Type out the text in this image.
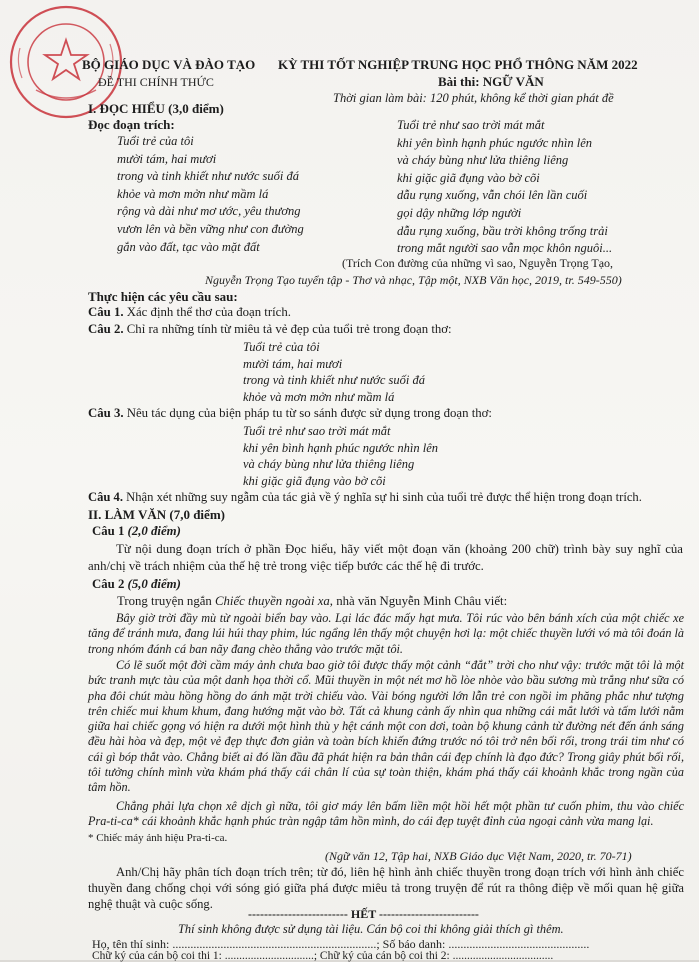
BỘ GIÁO DỤC VÀ ĐÀO TẠO
ĐỀ THI CHÍNH THỨC
KỲ THI TỐT NGHIỆP TRUNG HỌC PHỔ THÔNG NĂM 2022
Bài thi: NGỮ VĂN
Thời gian làm bài: 120 phút, không kể thời gian phát đề
I. ĐỌC HIỂU (3,0 điểm)
Đọc đoạn trích:
Tuổi trẻ của tôi
mười tám, hai mươi
trong và tinh khiết như nước suối đá
khỏe và mơn mởn như mầm lá
rộng và dài như mơ ước, yêu thương
vươn lên và bền vững như con đường
gắn vào đất, tạc vào mặt đất
Tuổi trẻ như sao trời mát mắt
khi yên bình hạnh phúc ngước nhìn lên
và cháy bùng như lửa thiêng liêng
khi giặc giã đụng vào bờ cõi
dẫu rụng xuống, vẫn chói lên lần cuối
gọi dậy những lớp người
dẫu rụng xuống, bầu trời không trống trải
trong mắt người sao vẫn mọc khôn nguôi...
(Trích Con đường của những vì sao, Nguyễn Trọng Tạo,
Nguyễn Trọng Tạo tuyển tập - Thơ và nhạc, Tập một, NXB Văn học, 2019, tr. 549-550)
Thực hiện các yêu cầu sau:
Câu 1. Xác định thể thơ của đoạn trích.
Câu 2. Chỉ ra những tính từ miêu tả vẻ đẹp của tuổi trẻ trong đoạn thơ:
Tuổi trẻ của tôi
mười tám, hai mươi
trong và tinh khiết như nước suối đá
khỏe và mơn mởn như mầm lá
Câu 3. Nêu tác dụng của biện pháp tu từ so sánh được sử dụng trong đoạn thơ:
Tuổi trẻ như sao trời mát mắt
khi yên bình hạnh phúc ngước nhìn lên
và cháy bùng như lửa thiêng liêng
khi giặc giã đụng vào bờ cõi
Câu 4. Nhận xét những suy ngẫm của tác giả về ý nghĩa sự hi sinh của tuổi trẻ được thể hiện trong đoạn trích.
II. LÀM VĂN (7,0 điểm)
Câu 1 (2,0 điểm)
Từ nội dung đoạn trích ở phần Đọc hiểu, hãy viết một đoạn văn (khoảng 200 chữ) trình bày suy nghĩ của anh/chị về trách nhiệm của thế hệ trẻ trong việc tiếp bước các thế hệ đi trước.
Câu 2 (5,0 điểm)
Trong truyện ngắn Chiếc thuyền ngoài xa, nhà văn Nguyễn Minh Châu viết:
Bây giờ trời đầy mù từ ngoài biển bay vào. Lại lác đác mấy hạt mưa. Tôi rúc vào bên bánh xích của một chiếc xe tăng để tránh mưa, đang lúi húi thay phim, lúc ngẩng lên thấy một chuyện hơi lạ: một chiếc thuyền lưới vó mà tôi đoán là trong nhóm đánh cá ban nãy đang chèo thẳng vào trước mặt tôi.
Có lẽ suốt một đời cầm máy ảnh chưa bao giờ tôi được thấy một cảnh “đắt” trời cho như vậy: trước mặt tôi là một bức tranh mực tàu của một danh họa thời cổ. Mũi thuyền in một nét mơ hồ lòe nhòe vào bầu sương mù trắng như sữa có pha đôi chút màu hồng hồng do ánh mặt trời chiếu vào. Vài bóng người lớn lẫn trẻ con ngồi im phăng phắc như tượng trên chiếc mui khum khum, đang hướng mặt vào bờ. Tất cả khung cảnh ấy nhìn qua những cái mắt lưới và tấm lưới nằm giữa hai chiếc gọng vó hiện ra dưới một hình thù y hệt cánh một con dơi, toàn bộ khung cảnh từ đường nét đến ánh sáng đều hài hòa và đẹp, một vẻ đẹp thực đơn giản và toàn bích khiến đứng trước nó tôi trở nên bối rối, trong trái tim như có cái gì bóp thắt vào. Chẳng biết ai đó lần đầu đã phát hiện ra bản thân cái đẹp chính là đạo đức? Trong giây phút bối rối, tôi tưởng chính mình vừa khám phá thấy cái chân lí của sự toàn thiện, khám phá thấy cái khoảnh khắc trong ngần của tâm hồn.
Chẳng phải lựa chọn xê dịch gì nữa, tôi giơ máy lên bấm liền một hồi hết một phần tư cuốn phim, thu vào chiếc Pra-ti-ca* cái khoảnh khắc hạnh phúc tràn ngập tâm hồn mình, do cái đẹp tuyệt đỉnh của ngoại cảnh vừa mang lại.
* Chiếc máy ảnh hiệu Pra-ti-ca.
(Ngữ văn 12, Tập hai, NXB Giáo dục Việt Nam, 2020, tr. 70-71)
Anh/Chị hãy phân tích đoạn trích trên; từ đó, liên hệ hình ảnh chiếc thuyền trong đoạn trích với hình ảnh chiếc thuyền đang chống chọi với sóng gió giữa phá được miêu tả trong truyện để rút ra thông điệp về mối quan hệ giữa nghệ thuật và cuộc sống.
------------------------- HẾT -------------------------
Thí sinh không được sử dụng tài liệu. Cán bộ coi thi không giải thích gì thêm.
Họ, tên thí sinh: ....................................................................; Số báo danh: ...............................................
Chữ ký của cán bộ coi thi 1: ...............................; Chữ ký của cán bộ coi thi 2: ...................................
